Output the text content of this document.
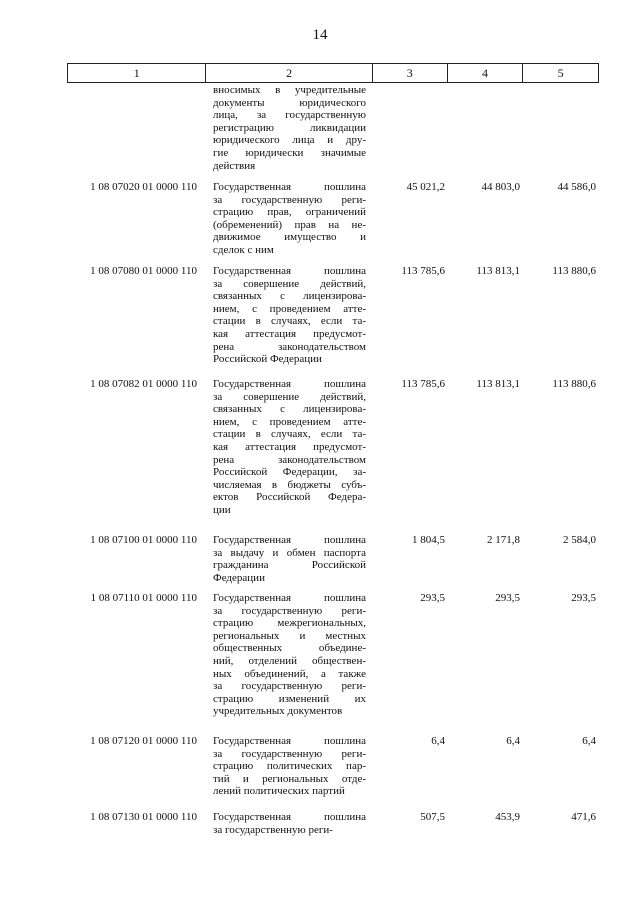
14
1	2	3	4	5
вносимых в учредительные
документы юридического
лица, за государственную
регистрацию ликвидации
юридического лица и дру-
гие юридически значимые
действия
1 08 07020 01 0000 110	Государственная пошлина
за государственную реги-
страцию прав, ограничений
(обременений) прав на не-
движимое имущество и
сделок с ним
45 021,2	44 803,0	44 586,0
1 08 07080 01 0000 110	Государственная пошлина
за совершение действий,
связанных с лицензирова-
нием, с проведением атте-
стации в случаях, если та-
кая аттестация предусмот-
рена законодательством
Российской Федерации
113 785,6	113 813,1	113 880,6
1 08 07082 01 0000 110	Государственная пошлина
за совершение действий,
связанных с лицензирова-
нием, с проведением атте-
стации в случаях, если та-
кая аттестация предусмот-
рена законодательством
Российской Федерации, за-
числяемая в бюджеты субъ-
ектов Российской Федера-
ции
113 785,6	113 813,1	113 880,6
1 08 07100 01 0000 110	Государственная пошлина
за выдачу и обмен паспорта
гражданина Российской
Федерации
1 804,5	2 171,8	2 584,0
1 08 07110 01 0000 110	Государственная пошлина
за государственную реги-
страцию межрегиональных,
региональных и местных
общественных объедине-
ний, отделений обществен-
ных объединений, а также
за государственную реги-
страцию изменений их
учредительных документов
293,5	293,5	293,5
1 08 07120 01 0000 110	Государственная пошлина
за государственную реги-
страцию политических пар-
тий и региональных отде-
лений политических партий
6,4	6,4	6,4
1 08 07130 01 0000 110	Государственная пошлина
за государственную реги-
507,5	453,9	471,6
